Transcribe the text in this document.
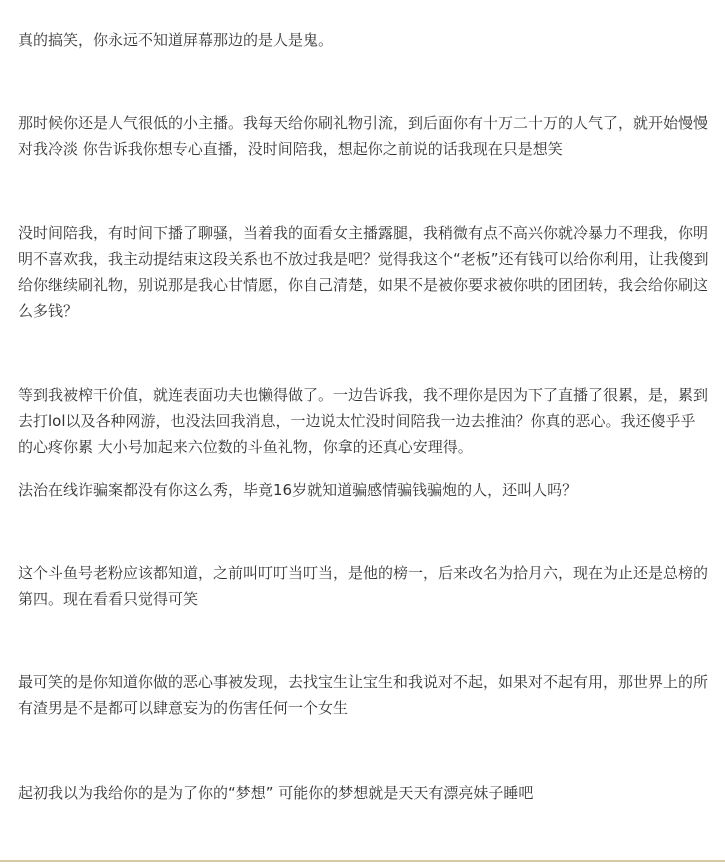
真的搞笑，你永远不知道屏幕那边的是人是鬼。

那时候你还是人气很低的小主播。我每天给你刷礼物引流，到后面你有十万二十万的人气了，就开始慢慢对我冷淡 你告诉我你想专心直播，没时间陪我，想起你之前说的话我现在只是想笑

没时间陪我，有时间下播了聊骚，当着我的面看女主播露腿，我稍微有点不高兴你就冷暴力不理我，你明明不喜欢我，我主动提结束这段关系也不放过我是吧？觉得我这个“老板”还有钱可以给你利用，让我傻到给你继续刷礼物，别说那是我心甘情愿，你自己清楚，如果不是被你要求被你哄的团团转，我会给你刷这么多钱？

等到我被榨干价值，就连表面功夫也懒得做了。一边告诉我，我不理你是因为下了直播了很累，是，累到去打lol以及各种网游，也没法回我消息，一边说太忙没时间陪我一边去推油？你真的恶心。我还傻乎乎的心疼你累 大小号加起来六位数的斗鱼礼物，你拿的还真心安理得。

法治在线诈骗案都没有你这么秀，毕竟16岁就知道骗感情骗钱骗炮的人，还叫人吗？

这个斗鱼号老粉应该都知道，之前叫叮叮当叮当，是他的榜一，后来改名为拾月六，现在为止还是总榜的第四。现在看看只觉得可笑

最可笑的是你知道你做的恶心事被发现，去找宝生让宝生和我说对不起，如果对不起有用，那世界上的所有渣男是不是都可以肆意妄为的伤害任何一个女生

起初我以为我给你的是为了你的“梦想” 可能你的梦想就是天天有漂亮妹子睡吧
